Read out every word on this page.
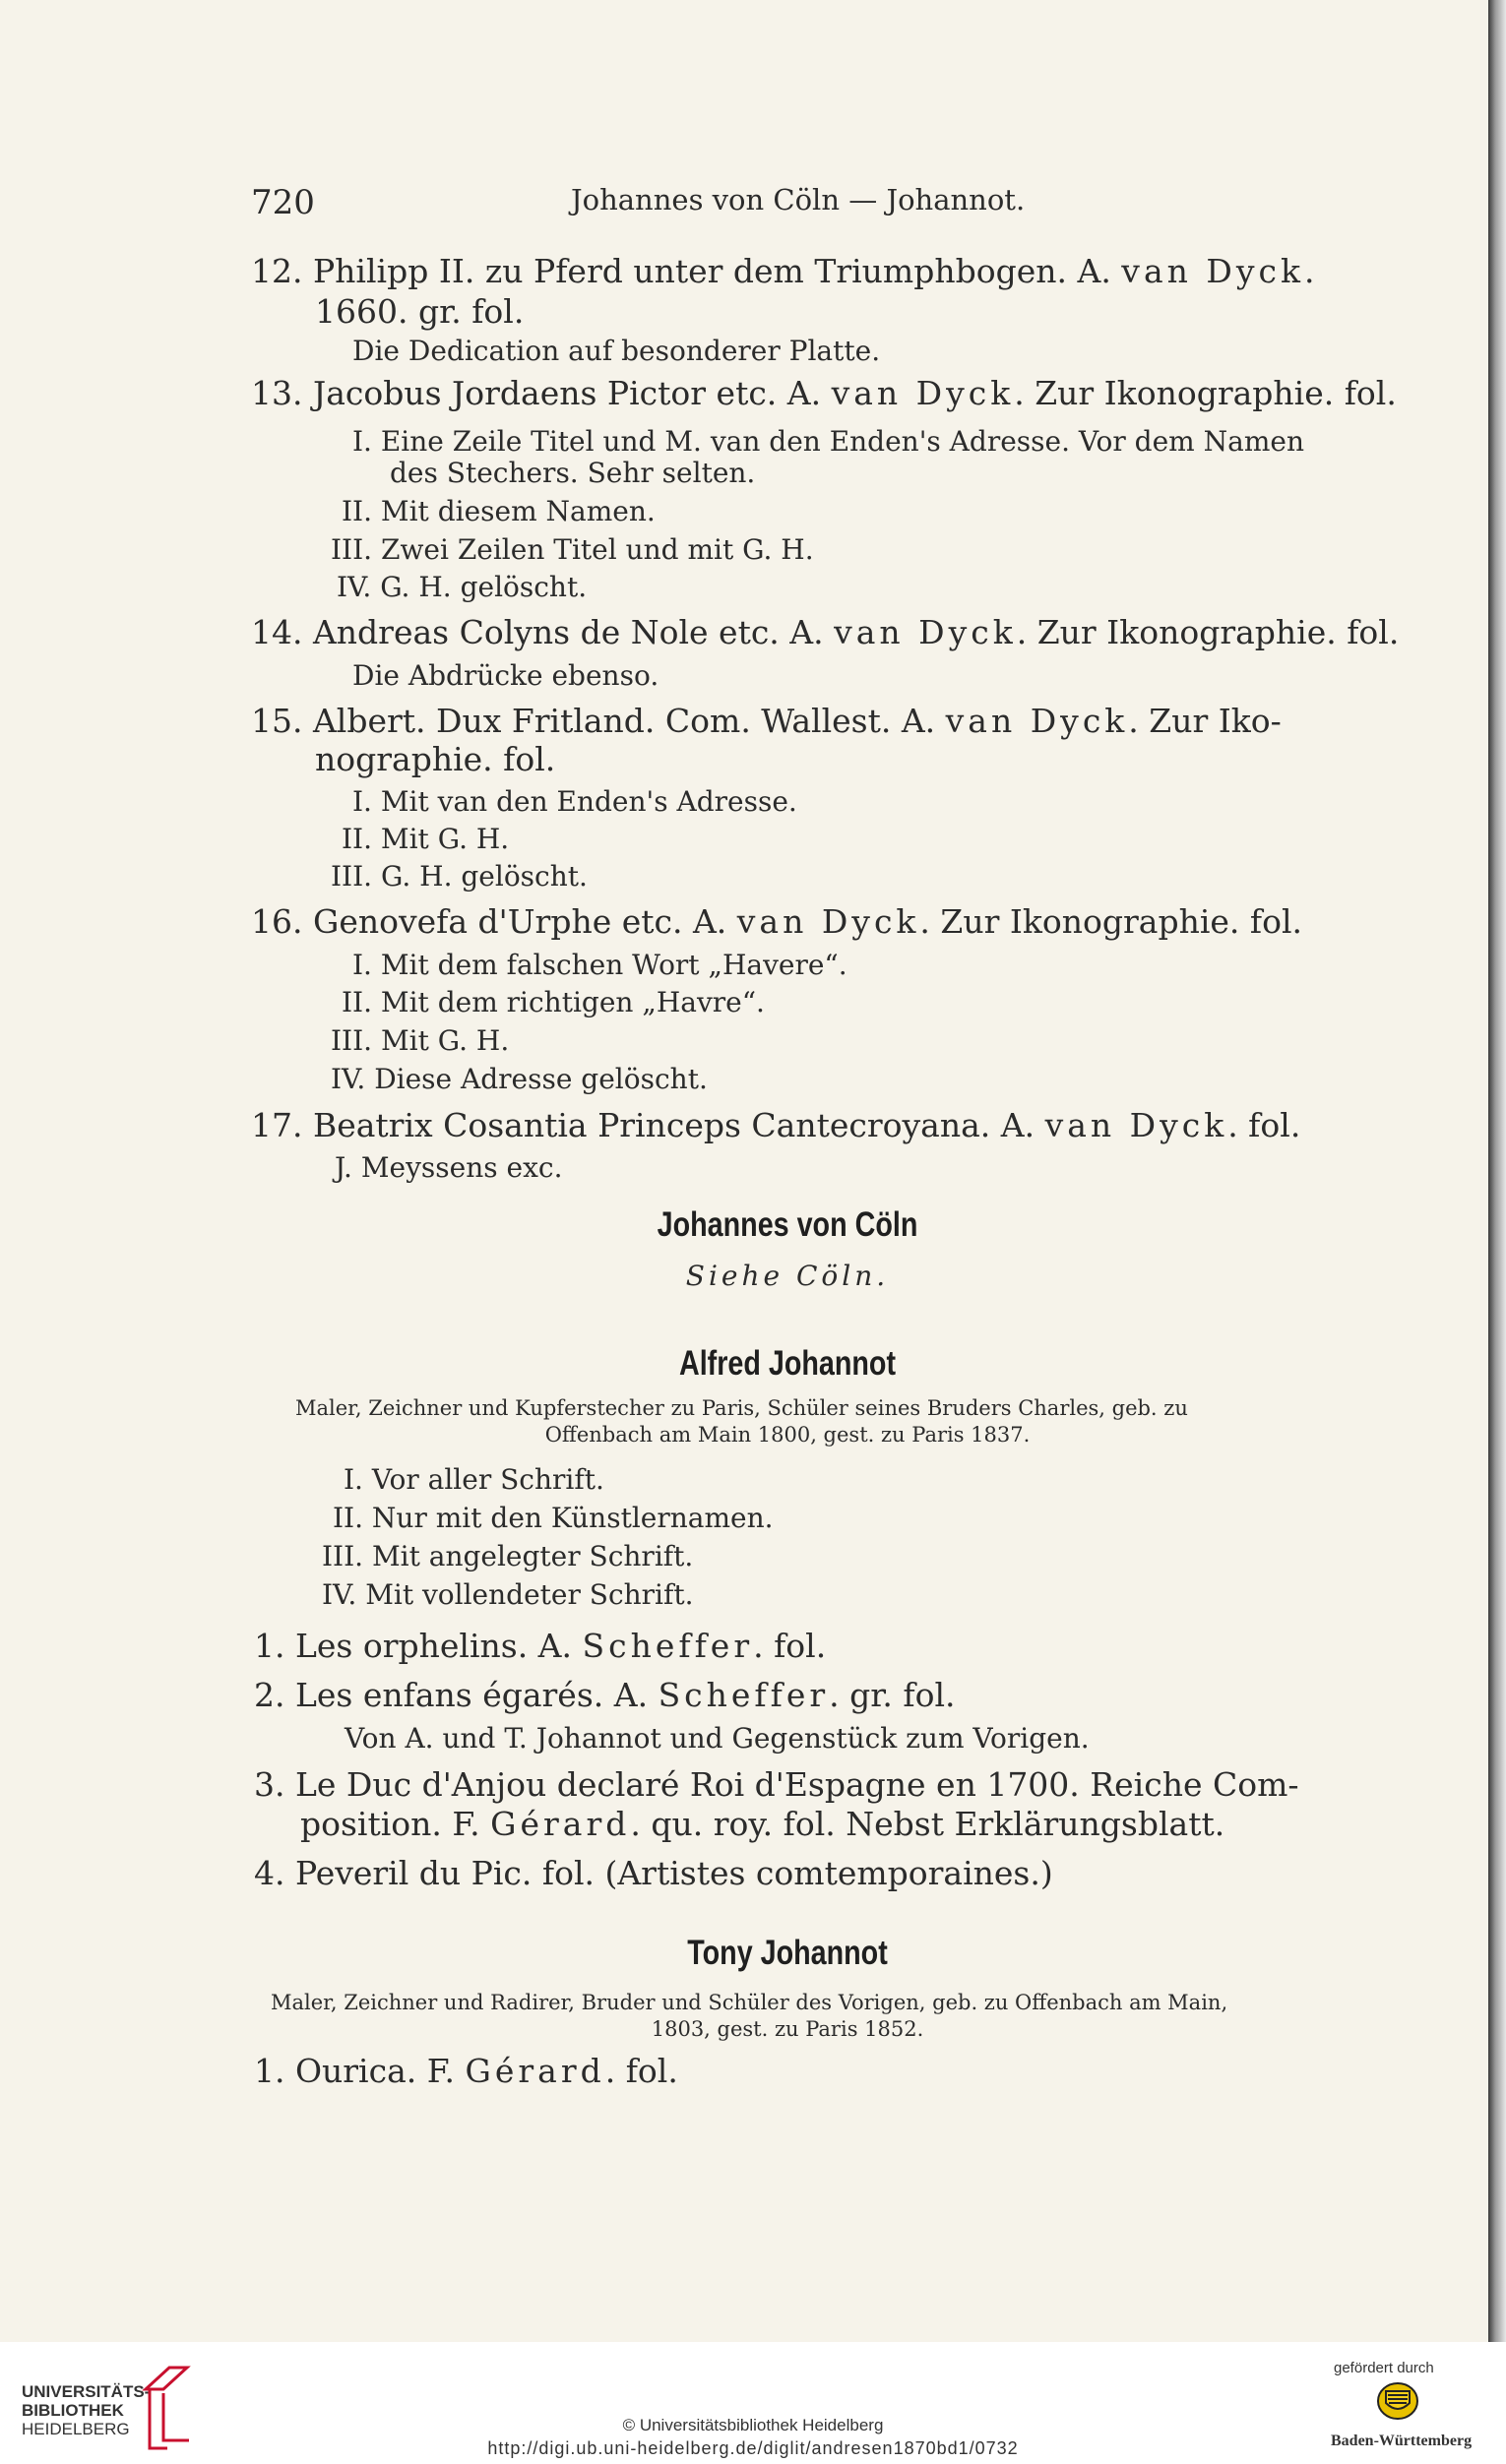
720	Johannes von Cöln — Johannot.
12. Philipp II. zu Pferd unter dem Triumphbogen. A. van Dyck.
1660. gr. fol.
Die Dedication auf besonderer Platte.
13. Jacobus Jordaens Pictor etc. A. van Dyck. Zur Ikonographie. fol.
I. Eine Zeile Titel und M. van den Enden's Adresse. Vor dem Namen
des Stechers. Sehr selten.
II. Mit diesem Namen.
III. Zwei Zeilen Titel und mit G. H.
IV. G. H. gelöscht.
14. Andreas Colyns de Nole etc. A. van Dyck. Zur Ikonographie. fol.
Die Abdrücke ebenso.
15. Albert. Dux Fritland. Com. Wallest. A. van Dyck. Zur Iko-
nographie. fol.
I. Mit van den Enden's Adresse.
II. Mit G. H.
III. G. H. gelöscht.
16. Genovefa d'Urphe etc. A. van Dyck. Zur Ikonographie. fol.
I. Mit dem falschen Wort „Havere“.
II. Mit dem richtigen „Havre“.
III. Mit G. H.
IV. Diese Adresse gelöscht.
17. Beatrix Cosantia Princeps Cantecroyana. A. van Dyck. fol.
J. Meyssens exc.
Johannes von Cöln
Siehe Cöln.
Alfred Johannot
Maler, Zeichner und Kupferstecher zu Paris, Schüler seines Bruders Charles, geb. zu
Offenbach am Main 1800, gest. zu Paris 1837.
I. Vor aller Schrift.
II. Nur mit den Künstlernamen.
III. Mit angelegter Schrift.
IV. Mit vollendeter Schrift.
1. Les orphelins. A. Scheffer. fol.
2. Les enfans égarés. A. Scheffer. gr. fol.
Von A. und T. Johannot und Gegenstück zum Vorigen.
3. Le Duc d'Anjou declaré Roi d'Espagne en 1700. Reiche Com-
position. F. Gérard. qu. roy. fol. Nebst Erklärungsblatt.
4. Peveril du Pic. fol. (Artistes comtemporaines.)
Tony Johannot
Maler, Zeichner und Radirer, Bruder und Schüler des Vorigen, geb. zu Offenbach am Main,
1803, gest. zu Paris 1852.
1. Ourica. F. Gérard. fol.
UNIVERSITÄTS-
BIBLIOTHEK
HEIDELBERG	© Universitätsbibliothek Heidelberg
http://digi.ub.uni-heidelberg.de/diglit/andresen1870bd1/0732
gefördert durch
Baden-Württemberg
